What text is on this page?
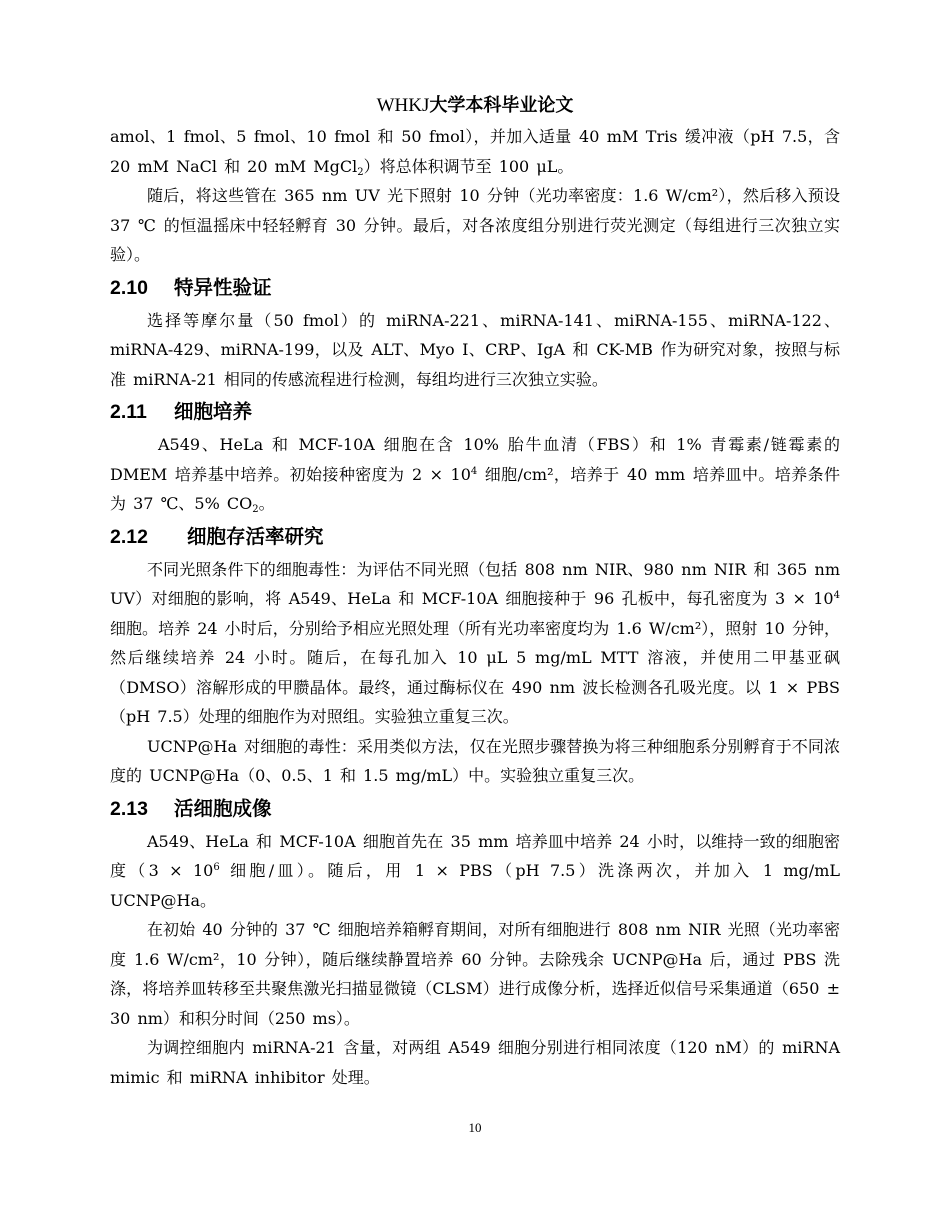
WHKJ大学本科毕业论文

amol、1 fmol、5 fmol、10 fmol 和 50 fmol），并加入适量 40 mM Tris 缓冲液（pH 7.5，含 20 mM NaCl 和 20 mM MgCl$_2$）将总体积调节至 100 μL。

随后，将这些管在 365 nm UV 光下照射 10 分钟（光功率密度：1.6 W/cm²），然后移入预设 37 ℃ 的恒温摇床中轻轻孵育 30 分钟。最后，对各浓度组分别进行荧光测定（每组进行三次独立实验）。

2.10 特异性验证

选择等摩尔量（50 fmol）的 miRNA-221、miRNA-141、miRNA-155、miRNA-122、miRNA-429、miRNA-199，以及 ALT、Myo I、CRP、IgA 和 CK-MB 作为研究对象，按照与标准 miRNA-21 相同的传感流程进行检测，每组均进行三次独立实验。

2.11 细胞培养

A549、HeLa 和 MCF-10A 细胞在含 10% 胎牛血清（FBS）和 1% 青霉素/链霉素的 DMEM 培养基中培养。初始接种密度为 $2 \times 10^4$ 细胞/cm²，培养于 40 mm 培养皿中。培养条件为 37 ℃、5% $CO_2$。

2.12 细胞存活率研究

不同光照条件下的细胞毒性：为评估不同光照（包括 808 nm NIR、980 nm NIR 和 365 nm UV）对细胞的影响，将 A549、HeLa 和 MCF-10A 细胞接种于 96 孔板中，每孔密度为 $3 \times 10^4$ 细胞。培养 24 小时后，分别给予相应光照处理（所有光功率密度均为 1.6 W/cm²），照射 10 分钟，然后继续培养 24 小时。随后，在每孔加入 10 μL 5 mg/mL MTT 溶液，并使用二甲基亚砜（DMSO）溶解形成的甲臜晶体。最终，通过酶标仪在 490 nm 波长检测各孔吸光度。以 1 × PBS（pH 7.5）处理的细胞作为对照组。实验独立重复三次。

UCNP@Ha 对细胞的毒性：采用类似方法，仅在光照步骤替换为将三种细胞系分别孵育于不同浓度的 UCNP@Ha（0、0.5、1 和 1.5 mg/mL）中。实验独立重复三次。

2.13 活细胞成像

A549、HeLa 和 MCF-10A 细胞首先在 35 mm 培养皿中培养 24 小时，以维持一致的细胞密度（$3 \times 10^6$ 细胞/皿）。随后，用 1 × PBS（pH 7.5）洗涤两次，并加入 1 mg/mL UCNP@Ha。

在初始 40 分钟的 37 ℃ 细胞培养箱孵育期间，对所有细胞进行 808 nm NIR 光照（光功率密度 1.6 W/cm²，10 分钟），随后继续静置培养 60 分钟。去除残余 UCNP@Ha 后，通过 PBS 洗涤，将培养皿转移至共聚焦激光扫描显微镜（CLSM）进行成像分析，选择近似信号采集通道（650 ± 30 nm）和积分时间（250 ms）。

为调控细胞内 miRNA-21 含量，对两组 A549 细胞分别进行相同浓度（120 nM）的 miRNA mimic 和 miRNA inhibitor 处理。

10
